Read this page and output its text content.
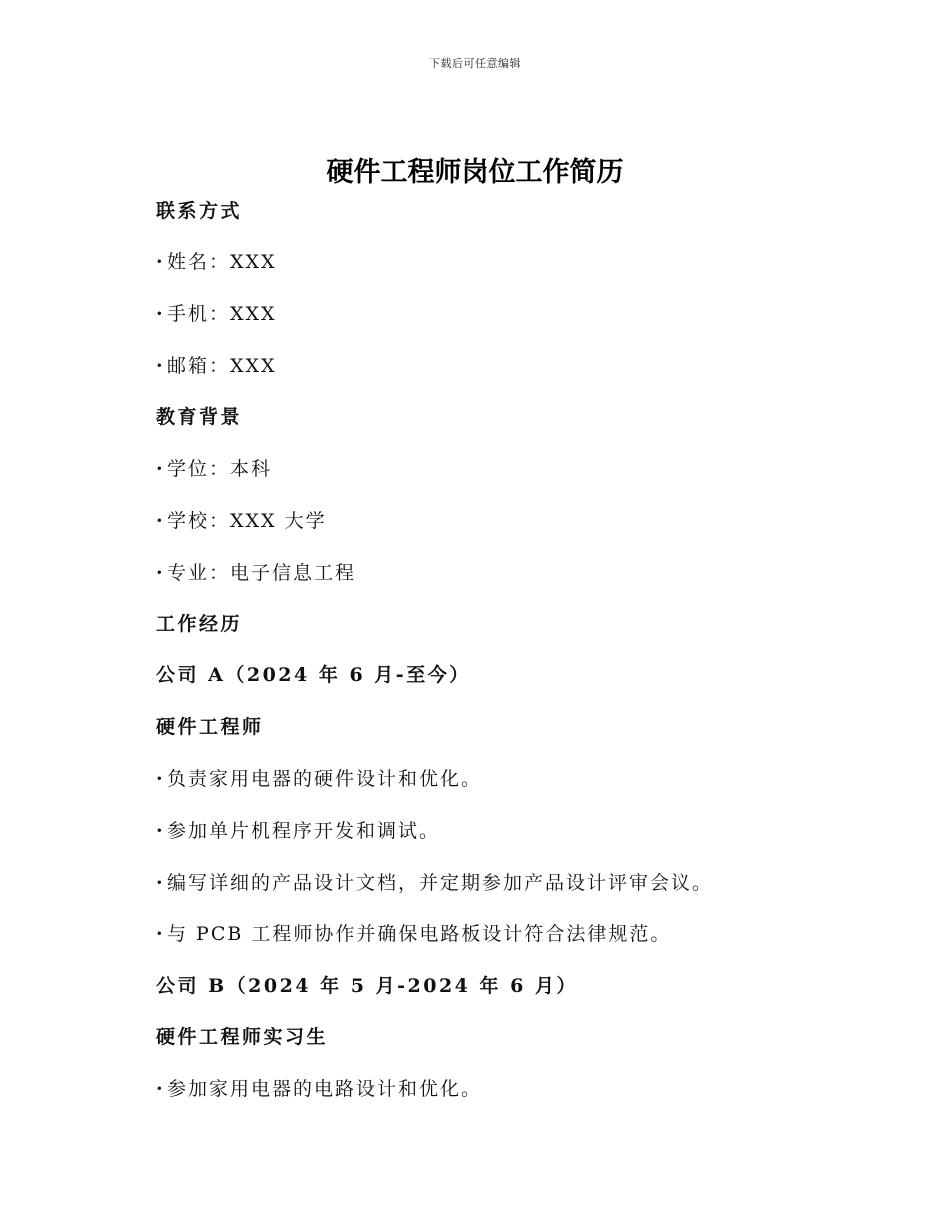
下载后可任意编辑
硬件工程师岗位工作简历
联系方式
· 姓名：XXX
· 手机：XXX
· 邮箱：XXX
教育背景
· 学位：本科
· 学校：XXX 大学
· 专业：电子信息工程
工作经历
公司 A（2024 年 6 月-至今）
硬件工程师
· 负责家用电器的硬件设计和优化。
· 参加单片机程序开发和调试。
· 编写详细的产品设计文档，并定期参加产品设计评审会议。
· 与 PCB 工程师协作并确保电路板设计符合法律规范。
公司 B（2024 年 5 月-2024 年 6 月）
硬件工程师实习生
· 参加家用电器的电路设计和优化。
